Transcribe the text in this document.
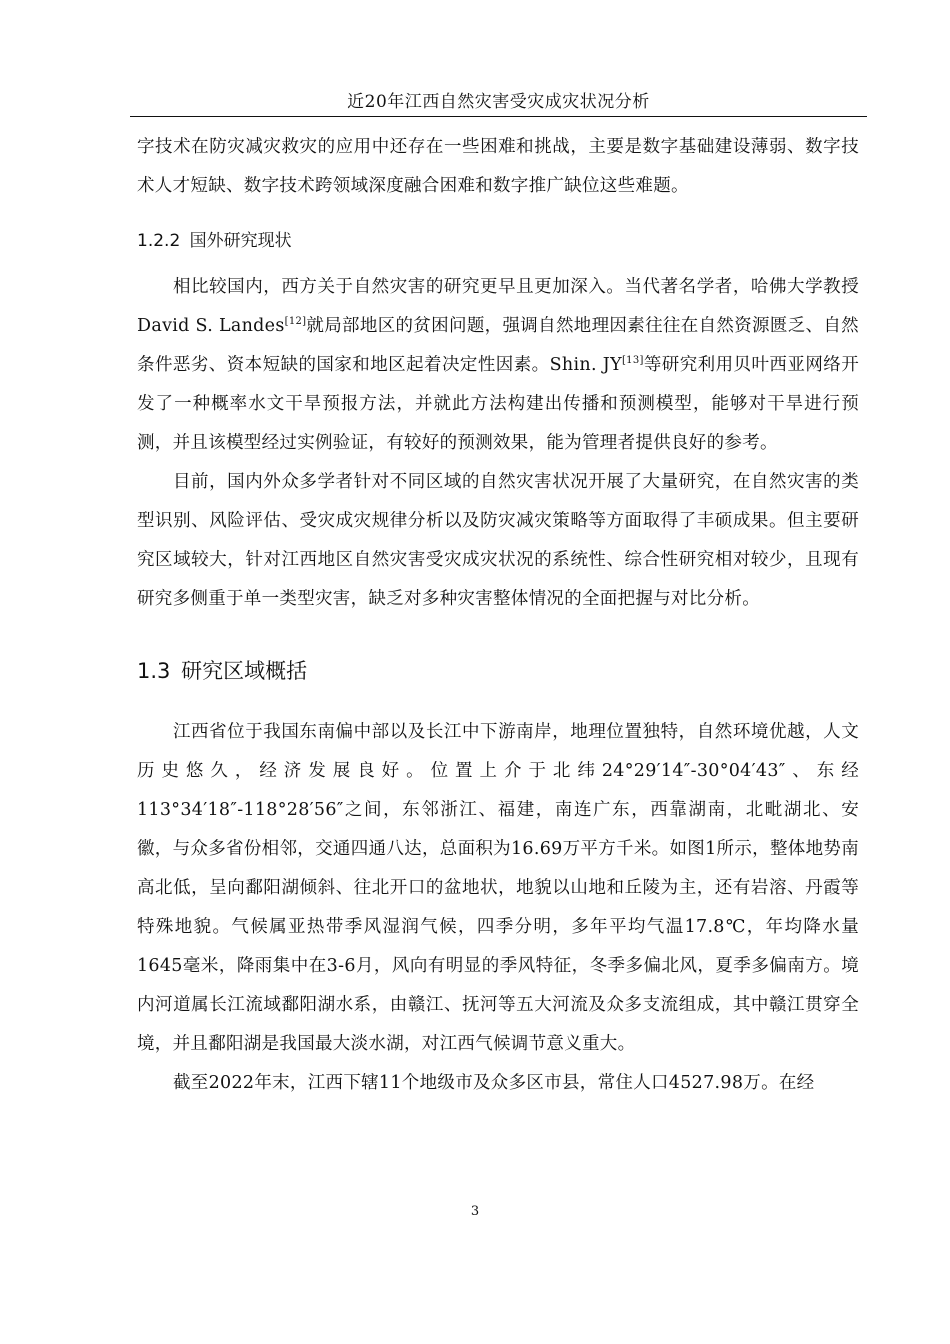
近20年江西自然灾害受灾成灾状况分析

字技术在防灾减灾救灾的应用中还存在一些困难和挑战，主要是数字基础建设薄弱、数字技术人才短缺、数字技术跨领域深度融合困难和数字推广缺位这些难题。

1.2.2 国外研究现状

相比较国内，西方关于自然灾害的研究更早且更加深入。当代著名学者，哈佛大学教授David S. Landes[12]就局部地区的贫困问题，强调自然地理因素往往在自然资源匮乏、自然条件恶劣、资本短缺的国家和地区起着决定性因素。Shin. JY[13]等研究利用贝叶西亚网络开发了一种概率水文干旱预报方法，并就此方法构建出传播和预测模型，能够对干旱进行预测，并且该模型经过实例验证，有较好的预测效果，能为管理者提供良好的参考。

目前，国内外众多学者针对不同区域的自然灾害状况开展了大量研究，在自然灾害的类型识别、风险评估、受灾成灾规律分析以及防灾减灾策略等方面取得了丰硕成果。但主要研究区域较大，针对江西地区自然灾害受灾成灾状况的系统性、综合性研究相对较少，且现有研究多侧重于单一类型灾害，缺乏对多种灾害整体情况的全面把握与对比分析。

1.3 研究区域概括

江西省位于我国东南偏中部以及长江中下游南岸，地理位置独特，自然环境优越，人文历史悠久，经济发展良好。位置上介于北纬24°29′14″-30°04′43″、东经113°34′18″-118°28′56″之间，东邻浙江、福建，南连广东，西靠湖南，北毗湖北、安徽，与众多省份相邻，交通四通八达，总面积为16.69万平方千米。如图1所示，整体地势南高北低，呈向鄱阳湖倾斜、往北开口的盆地状，地貌以山地和丘陵为主，还有岩溶、丹霞等特殊地貌。气候属亚热带季风湿润气候，四季分明，多年平均气温17.8℃，年均降水量1645毫米，降雨集中在3-6月，风向有明显的季风特征，冬季多偏北风，夏季多偏南方。境内河道属长江流域鄱阳湖水系，由赣江、抚河等五大河流及众多支流组成，其中赣江贯穿全境，并且鄱阳湖是我国最大淡水湖，对江西气候调节意义重大。

截至2022年末，江西下辖11个地级市及众多区市县，常住人口4527.98万。在经

3
